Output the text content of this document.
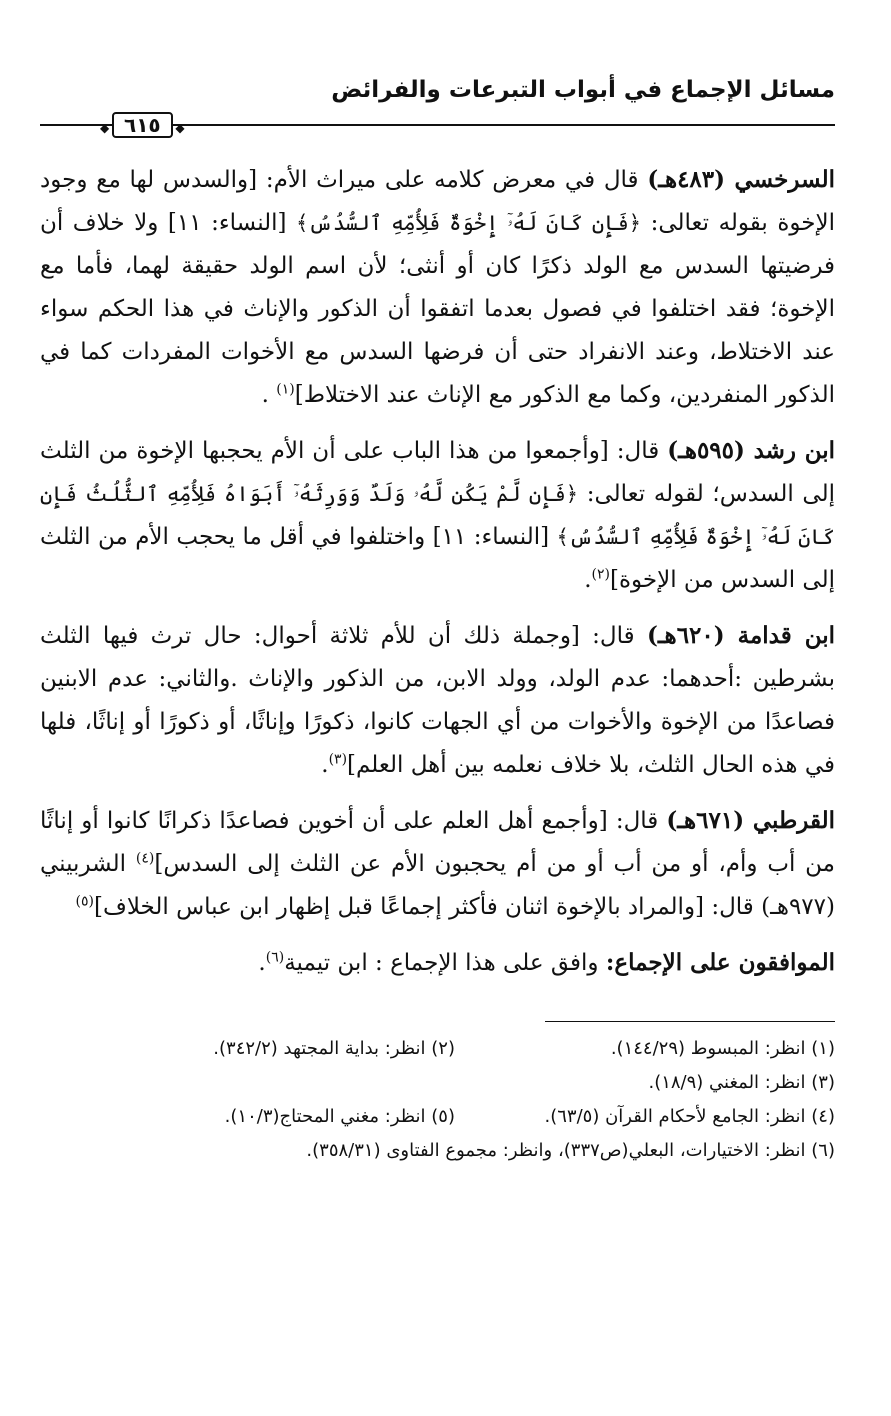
مسائل الإجماع في أبواب التبرعات والفرائض
◆ ٦١٥ ◆

السرخسي (٤٨٣هـ) قال في معرض كلامه على ميراث الأم: [والسدس لها مع وجود الإخوة بقوله تعالى: ﴿فَإِن كَانَ لَهُۥٓ إِخْوَةٌ فَلِأُمِّهِ ٱلسُّدُسُ﴾ [النساء: ١١] ولا خلاف أن فرضيتها السدس مع الولد ذكرًا كان أو أنثى؛ لأن اسم الولد حقيقة لهما، فأما مع الإخوة؛ فقد اختلفوا في فصول بعدما اتفقوا أن الذكور والإناث في هذا الحكم سواء عند الاختلاط، وعند الانفراد حتى أن فرضها السدس مع الأخوات المفردات كما في الذكور المنفردين، وكما مع الذكور مع الإناث عند الاختلاط]$^{(١)}$ .

ابن رشد (٥٩٥هـ) قال: [وأجمعوا من هذا الباب على أن الأم يحجبها الإخوة من الثلث إلى السدس؛ لقوله تعالى: ﴿فَإِن لَّمْ يَكُن لَّهُۥ وَلَدٌ وَوَرِثَهُۥٓ أَبَوَاهُ فَلِأُمِّهِ ٱلثُّلُثُ فَإِن كَانَ لَهُۥٓ إِخْوَةٌ فَلِأُمِّهِ ٱلسُّدُسُ﴾ [النساء: ١١] واختلفوا في أقل ما يحجب الأم من الثلث إلى السدس من الإخوة]$^{(٢)}$.

ابن قدامة (٦٢٠هـ) قال: [وجملة ذلك أن للأم ثلاثة أحوال: حال ترث فيها الثلث بشرطين :أحدهما: عدم الولد، وولد الابن، من الذكور والإناث .والثاني: عدم الابنين فصاعدًا من الإخوة والأخوات من أي الجهات كانوا، ذكورًا وإناثًا، أو ذكورًا أو إناثًا، فلها في هذه الحال الثلث، بلا خلاف نعلمه بين أهل العلم]$^{(٣)}$.

القرطبي (٦٧١هـ) قال: [وأجمع أهل العلم على أن أخوين فصاعدًا ذكرانًا كانوا أو إناثًا من أب وأم، أو من أب أو من أم يحجبون الأم عن الثلث إلى السدس]$^{(٤)}$ الشربيني (٩٧٧هـ) قال: [والمراد بالإخوة اثنان فأكثر إجماعًا قبل إظهار ابن عباس الخلاف]$^{(٥)}$

الموافقون على الإجماع: وافق على هذا الإجماع : ابن تيمية$^{(٦)}$.

(١) انظر: المبسوط (١٤٤/٢٩).
(٢) انظر: بداية المجتهد (٣٤٢/٢).
(٣) انظر: المغني (١٨/٩).
(٤) انظر: الجامع لأحكام القرآن (٦٣/٥).
(٥) انظر: مغني المحتاج(١٠/٣).
(٦) انظر: الاختيارات، البعلي(ص٣٣٧)، وانظر: مجموع الفتاوى (٣٥٨/٣١).
